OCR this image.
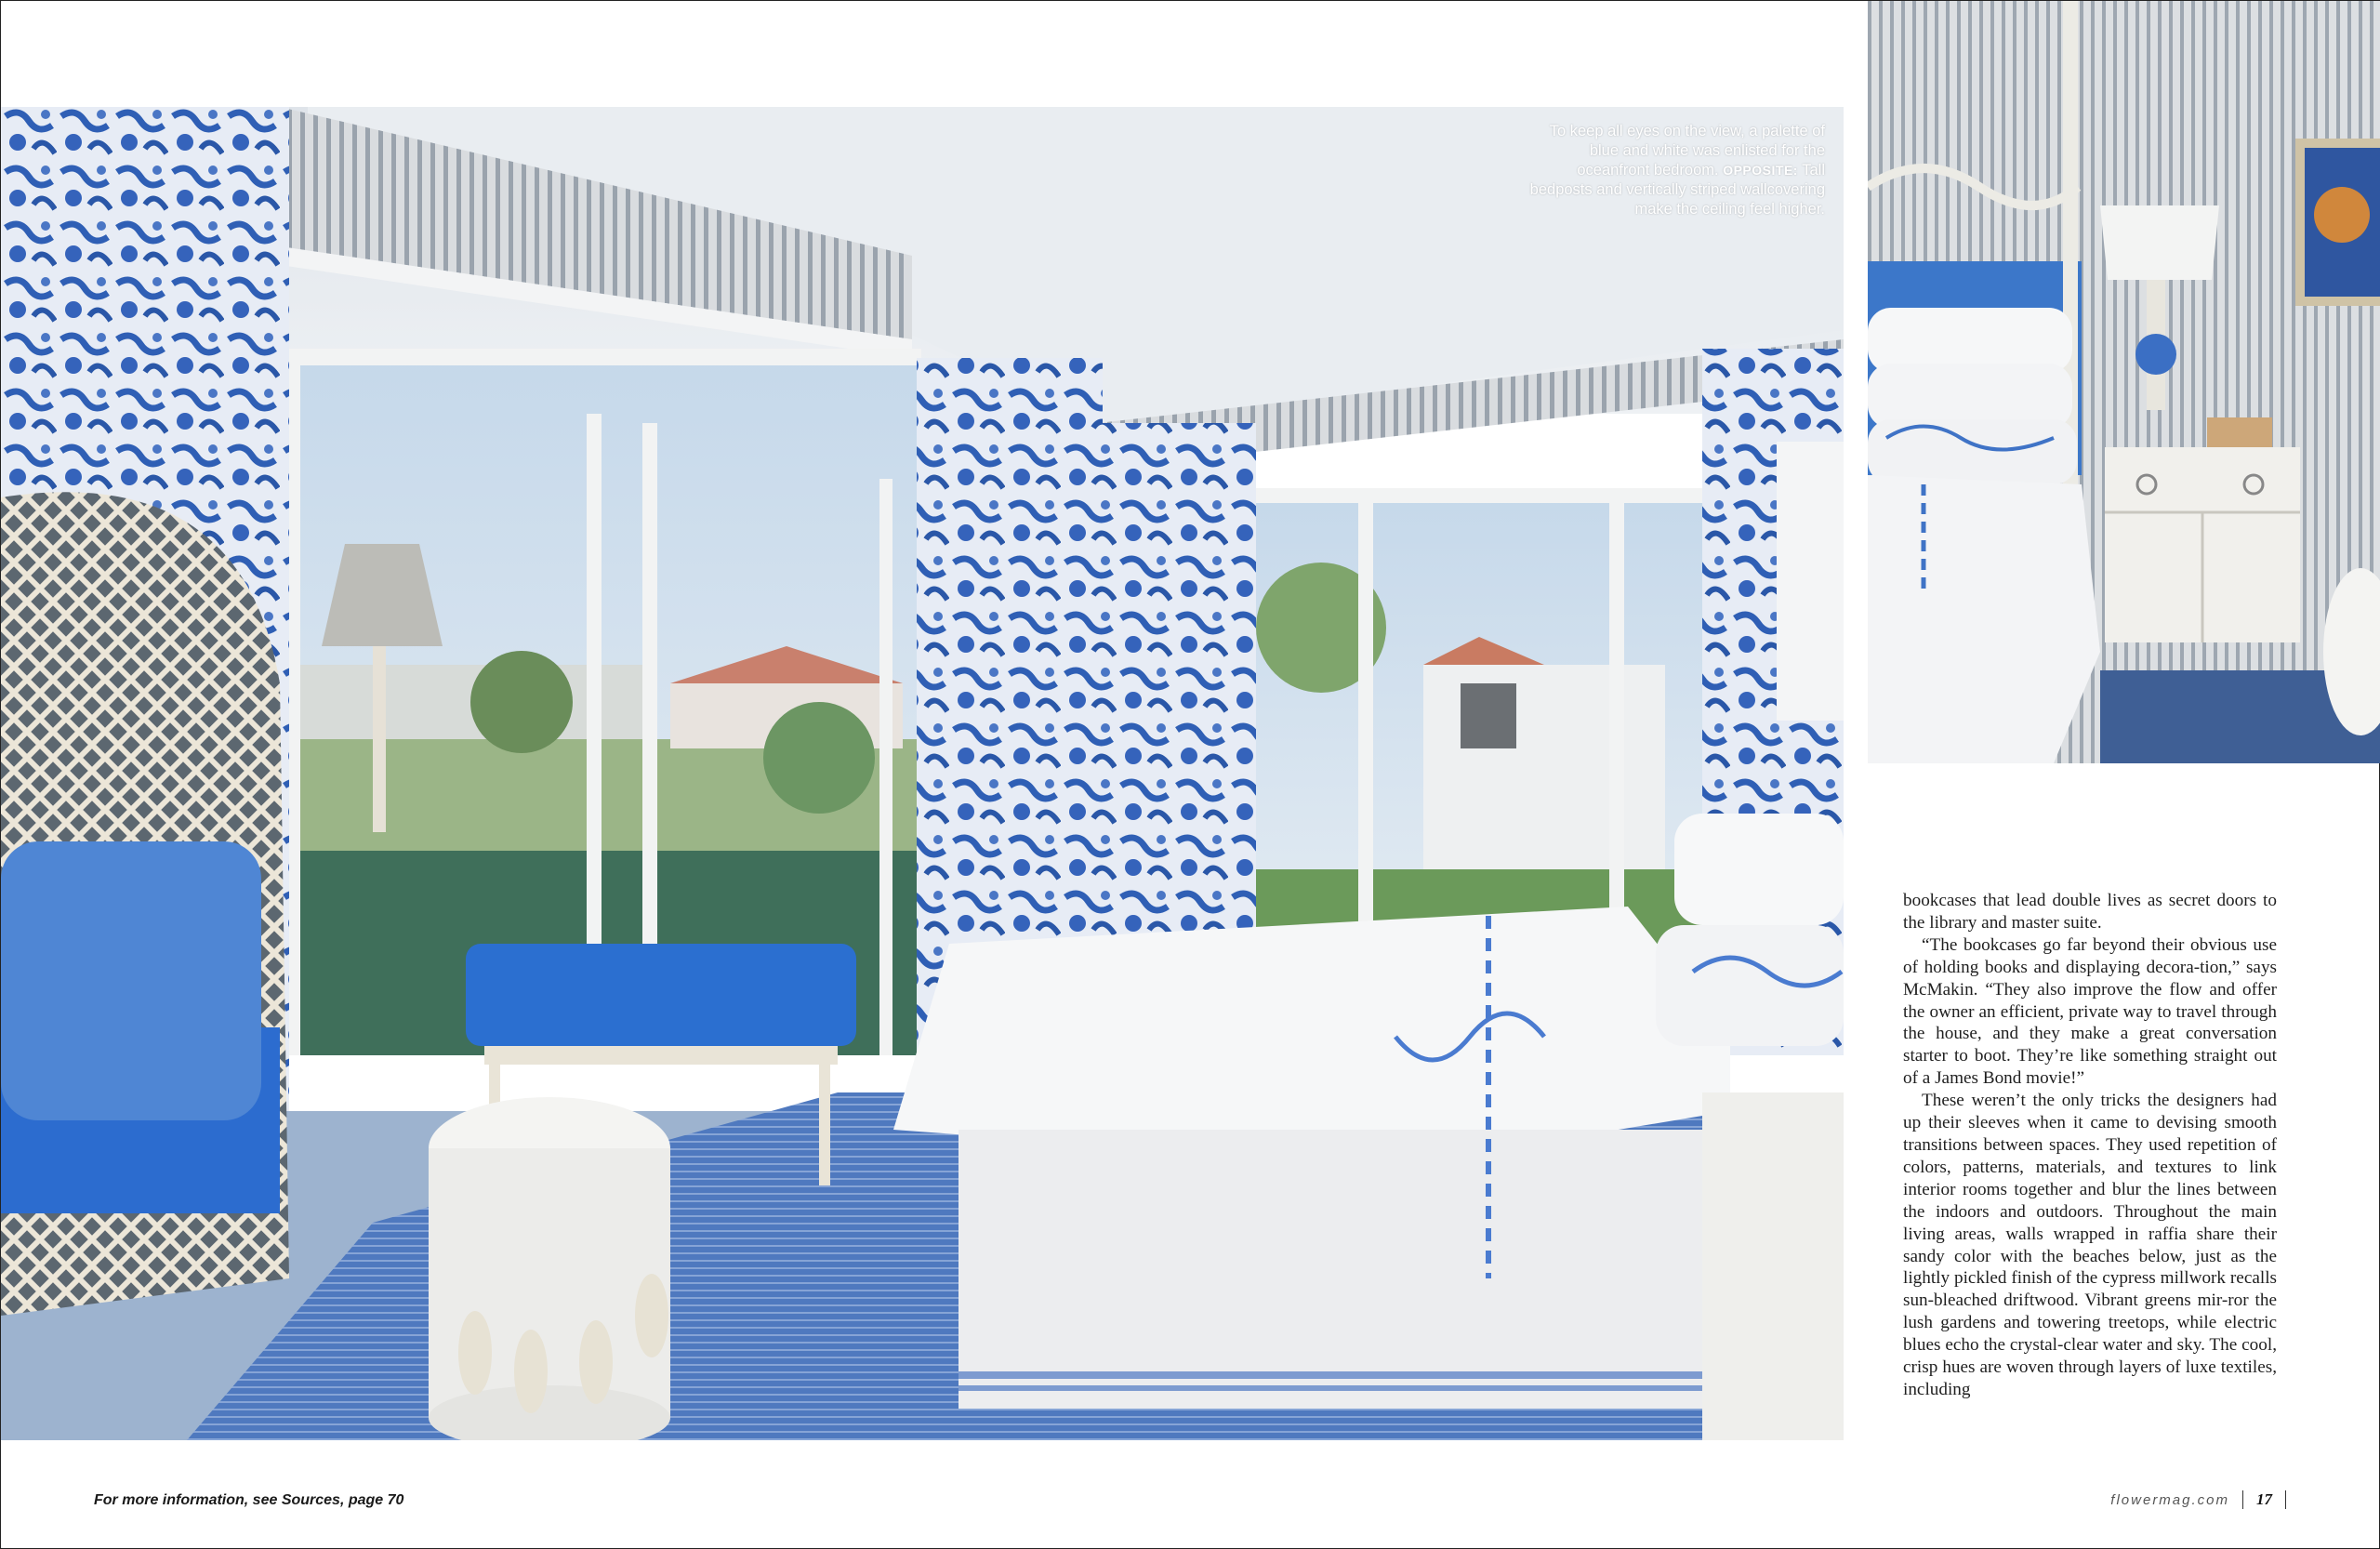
To keep all eyes on the view, a palette of blue and white was enlisted for the oceanfront bedroom. OPPOSITE: Tall bedposts and vertically striped wallcovering make the ceiling feel higher.

bookcases that lead double lives as secret doors to the library and master suite.

“The bookcases go far beyond their obvious use of holding books and displaying decora-tion,” says McMakin. “They also improve the flow and offer the owner an efficient, private way to travel through the house, and they make a great conversation starter to boot. They’re like something straight out of a James Bond movie!”

These weren’t the only tricks the designers had up their sleeves when it came to devising smooth transitions between spaces. They used repetition of colors, patterns, materials, and textures to link interior rooms together and blur the lines between the indoors and outdoors. Throughout the main living areas, walls wrapped in raffia share their sandy color with the beaches below, just as the lightly pickled finish of the cypress millwork recalls sun-bleached driftwood. Vibrant greens mir-ror the lush gardens and towering treetops, while electric blues echo the crystal-clear water and sky. The cool, crisp hues are woven through layers of luxe textiles, including

For more information, see Sources, page 70	flowermag.com 17
